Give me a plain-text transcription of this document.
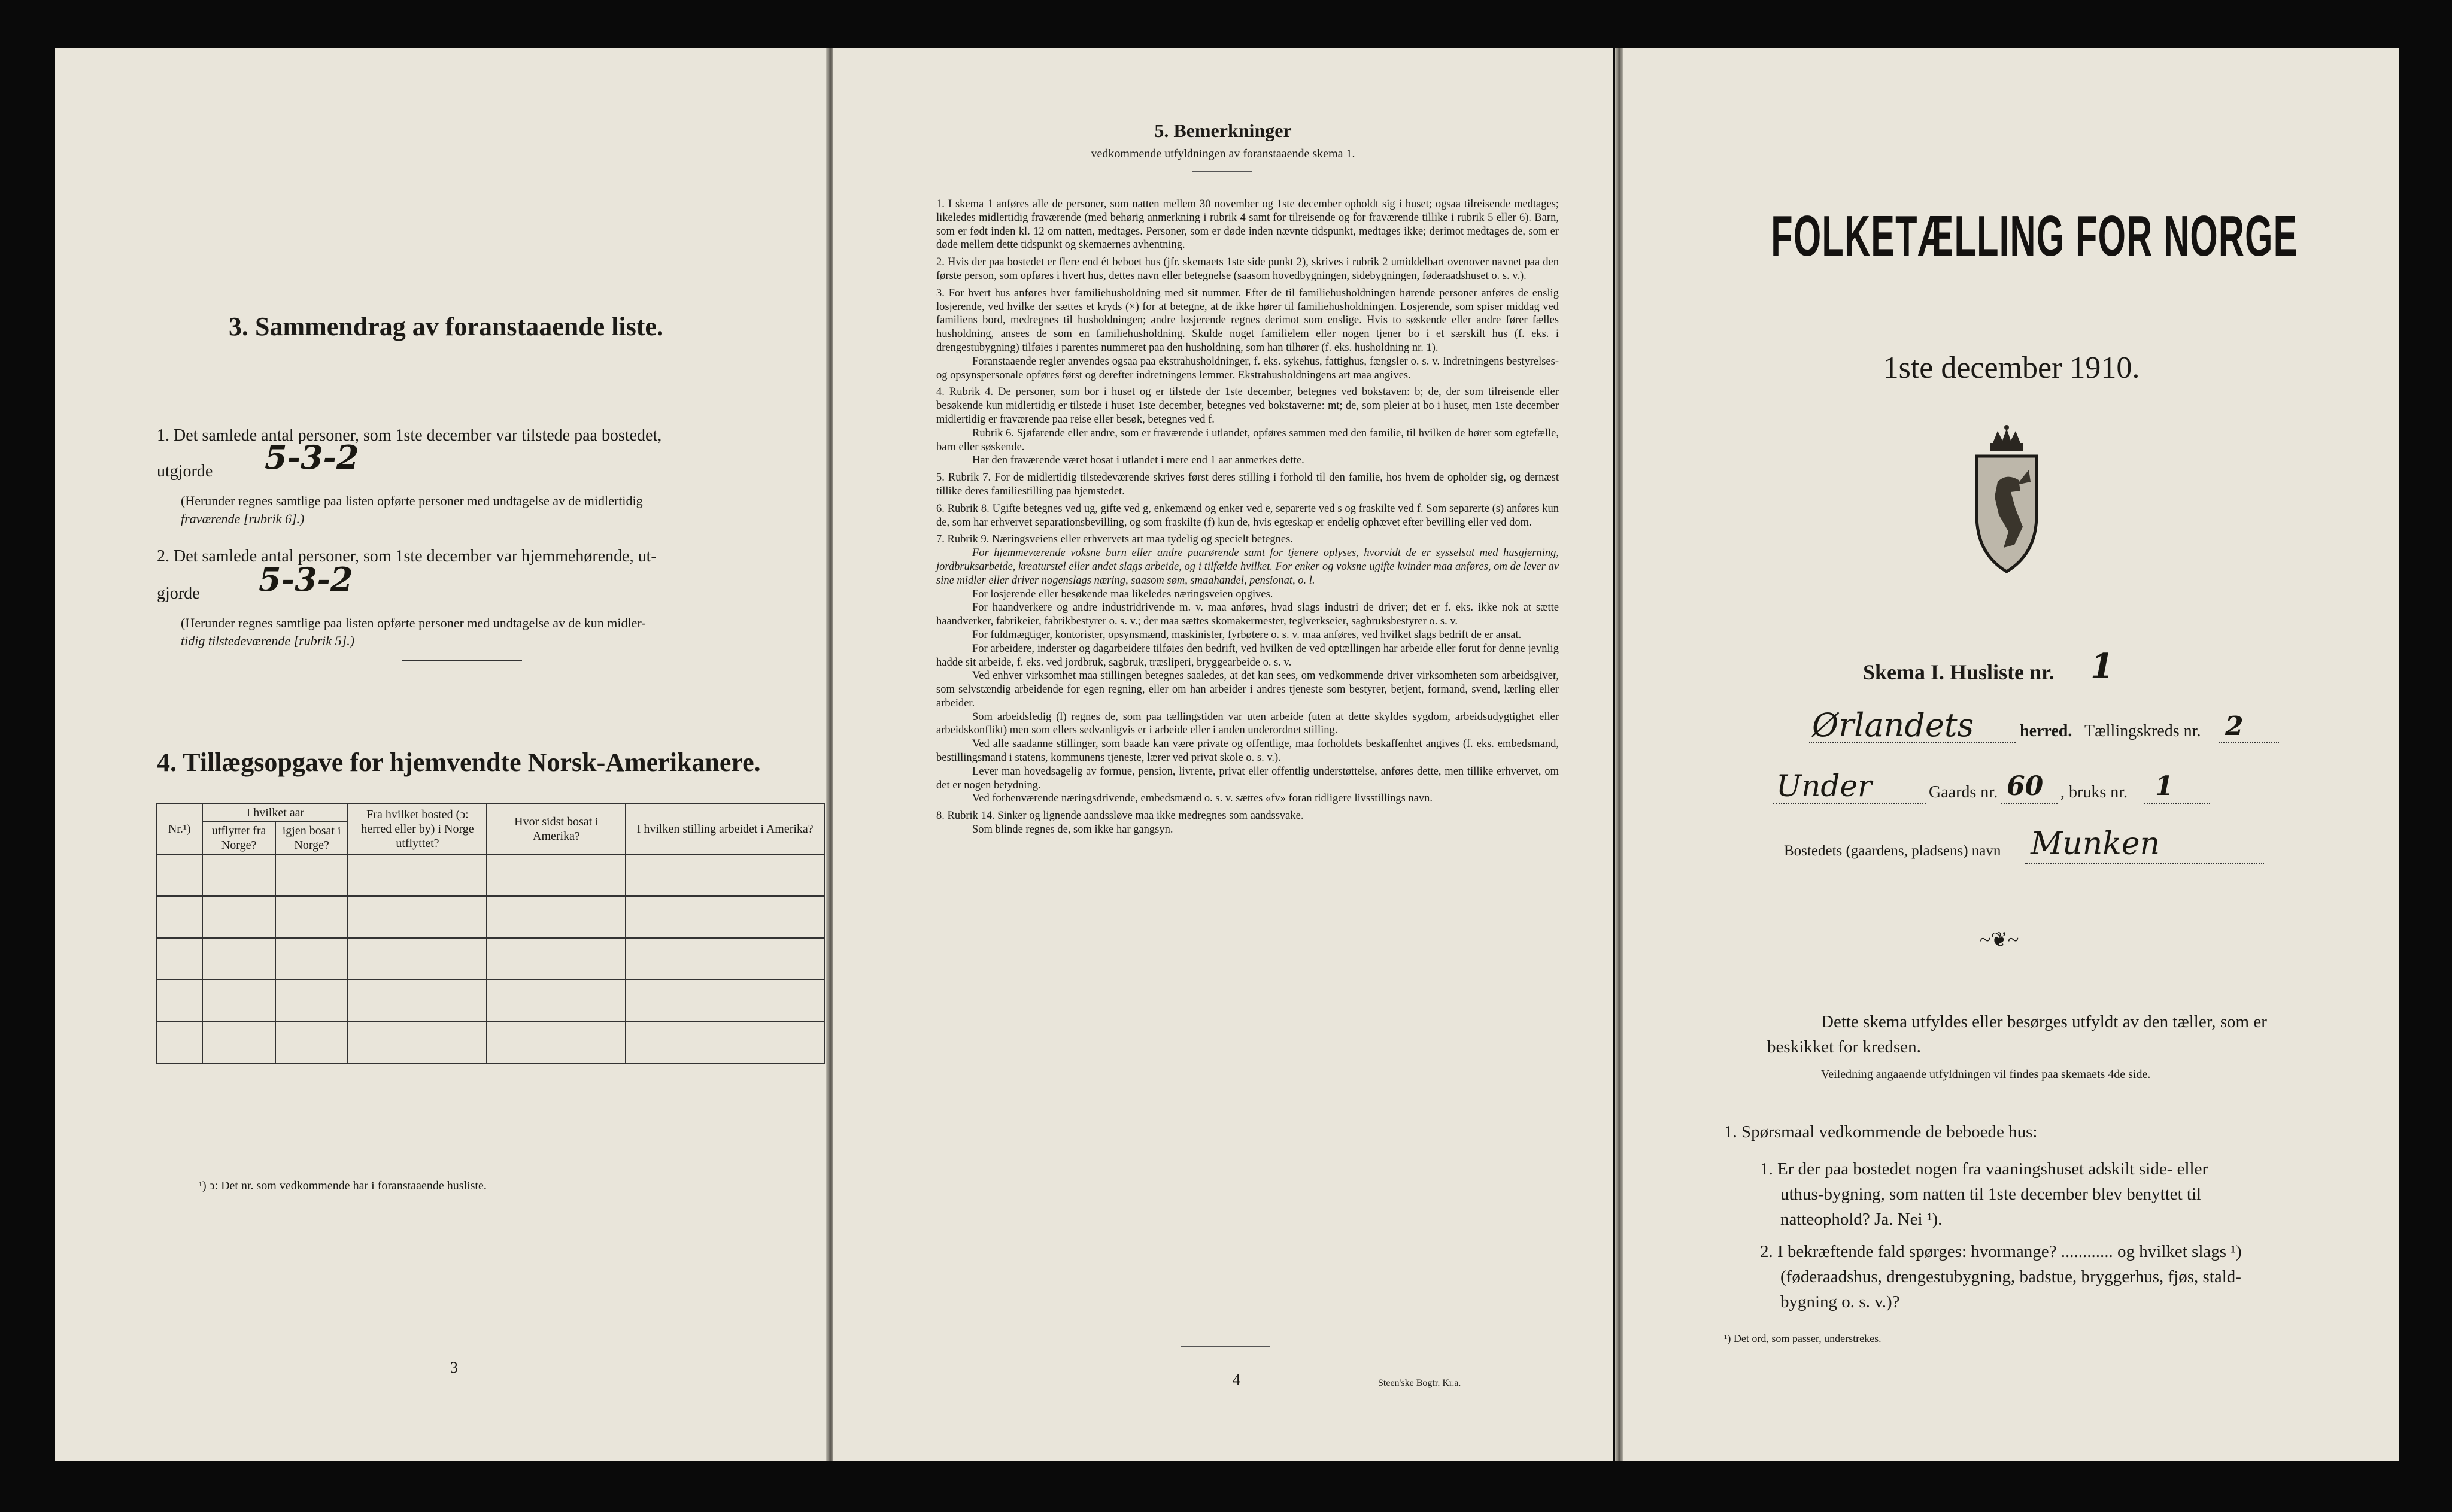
3. Sammendrag av foranstaaende liste.
1. Det samlede antal personer, som 1ste december var tilstede paa bostedet,
utgjorde 5-3-2
(Herunder regnes samtlige paa listen opførte personer med undtagelse av de midlertidig
fraværende [rubrik 6].)
2. Det samlede antal personer, som 1ste december var hjemmehørende, ut-
gjorde 5-3-2
(Herunder regnes samtlige paa listen opførte personer med undtagelse av de kun midler-
tidig tilstedeværende [rubrik 5].)
4. Tillægsopgave for hjemvendte Norsk-Amerikanere.
Nr.¹)	I hvilket aar		Fra hvilket bosted (ↄ: herred eller by) i Norge utflyttet?	Hvor sidst bosat i Amerika?	I hvilken stilling arbeidet i Amerika?
	utflyttet fra Norge?	igjen bosat i Norge?			

¹) ↄ: Det nr. som vedkommende har i foranstaaende husliste.
3
5. Bemerkninger
vedkommende utfyldningen av foranstaaende skema 1.

1. I skema 1 anføres alle de personer, som natten mellem 30 november og 1ste december opholdt sig i huset; ogsaa tilreisende medtages; likeledes midlertidig fraværende (med behørig anmerkning i rubrik 4 samt for tilreisende og for fraværende tillike i rubrik 5 eller 6). Barn, som er født inden kl. 12 om natten, medtages. Personer, som er døde inden nævnte tidspunkt, medtages ikke; derimot medtages de, som er døde mellem dette tidspunkt og skemaernes avhentning.

2. Hvis der paa bostedet er flere end ét beboet hus (jfr. skemaets 1ste side punkt 2), skrives i rubrik 2 umiddelbart ovenover navnet paa den første person, som opføres i hvert hus, dettes navn eller betegnelse (saasom hovedbygningen, sidebygningen, føderaadshuset o. s. v.).

3. For hvert hus anføres hver familiehusholdning med sit nummer. Efter de til familiehusholdningen hørende personer anføres de enslig losjerende, ved hvilke der sættes et kryds (×) for at betegne, at de ikke hører til familiehusholdningen. Losjerende, som spiser middag ved familiens bord, medregnes til husholdningen; andre losjerende regnes derimot som enslige. Hvis to søskende eller andre fører fælles husholdning, ansees de som en familiehusholdning. Skulde noget familielem eller nogen tjener bo i et særskilt hus (f. eks. i drengestubygning) tilføies i parentes nummeret paa den husholdning, som han tilhører (f. eks. husholdning nr. 1).

Foranstaaende regler anvendes ogsaa paa ekstrahusholdninger, f. eks. sykehus, fattighus, fængsler o. s. v. Indretningens bestyrelses- og opsynspersonale opføres først og derefter indretningens lemmer. Ekstrahusholdningens art maa angives.

4. Rubrik 4. De personer, som bor i huset og er tilstede der 1ste december, betegnes ved bokstaven: b; de, der som tilreisende eller besøkende kun midlertidig er tilstede i huset 1ste december, betegnes ved bokstaverne: mt; de, som pleier at bo i huset, men 1ste december midlertidig er fraværende paa reise eller besøk, betegnes ved f.

Rubrik 6. Sjøfarende eller andre, som er fraværende i utlandet, opføres sammen med den familie, til hvilken de hører som egtefælle, barn eller søskende.

Har den fraværende været bosat i utlandet i mere end 1 aar anmerkes dette.

5. Rubrik 7. For de midlertidig tilstedeværende skrives først deres stilling i forhold til den familie, hos hvem de opholder sig, og dernæst tillike deres familiestilling paa hjemstedet.

6. Rubrik 8. Ugifte betegnes ved ug, gifte ved g, enkemænd og enker ved e, separerte ved s og fraskilte ved f. Som separerte (s) anføres kun de, som har erhvervet separationsbevilling, og som fraskilte (f) kun de, hvis egteskap er endelig ophævet efter bevilling eller ved dom.

7. Rubrik 9. Næringsveiens eller erhvervets art maa tydelig og specielt betegnes.

For hjemmeværende voksne barn eller andre paarørende samt for tjenere oplyses, hvorvidt de er sysselsat med husgjerning, jordbruksarbeide, kreaturstel eller andet slags arbeide, og i tilfælde hvilket. For enker og voksne ugifte kvinder maa anføres, om de lever av sine midler eller driver nogenslags næring, saasom søm, smaahandel, pensionat, o. l.

For losjerende eller besøkende maa likeledes næringsveien opgives.

For haandverkere og andre industridrivende m. v. maa anføres, hvad slags industri de driver; det er f. eks. ikke nok at sætte haandverker, fabrikeier, fabrikbestyrer o. s. v.; der maa sættes skomakermester, teglverkseier, sagbruksbestyrer o. s. v.

For fuldmægtiger, kontorister, opsynsmænd, maskinister, fyrbøtere o. s. v. maa anføres, ved hvilket slags bedrift de er ansat.

For arbeidere, inderster og dagarbeidere tilføies den bedrift, ved hvilken de ved optællingen har arbeide eller forut for denne jevnlig hadde sit arbeide, f. eks. ved jordbruk, sagbruk, træsliperi, bryggearbeide o. s. v.

Ved enhver virksomhet maa stillingen betegnes saaledes, at det kan sees, om vedkommende driver virksomheten som arbeidsgiver, som selvstændig arbeidende for egen regning, eller om han arbeider i andres tjeneste som bestyrer, betjent, formand, svend, lærling eller arbeider.

Som arbeidsledig (l) regnes de, som paa tællingstiden var uten arbeide (uten at dette skyldes sygdom, arbeidsudygtighet eller arbeidskonflikt) men som ellers sedvanligvis er i arbeide eller i anden underordnet stilling.

Ved alle saadanne stillinger, som baade kan være private og offentlige, maa forholdets beskaffenhet angives (f. eks. embedsmand, bestillingsmand i statens, kommunens tjeneste, lærer ved privat skole o. s. v.).

Lever man hovedsagelig av formue, pension, livrente, privat eller offentlig understøttelse, anføres dette, men tillike erhvervet, om det er nogen betydning.

Ved forhenværende næringsdrivende, embedsmænd o. s. v. sættes «fv» foran tidligere livsstillings navn.

8. Rubrik 14. Sinker og lignende aandssløve maa ikke medregnes som aandssvake.

Som blinde regnes de, som ikke har gangsyn.

4	Steen'ske Bogtr. Kr.a.
FOLKETÆLLING FOR NORGE
1ste december 1910.
Skema I. Husliste nr. 1
Ørlandets	herred. Tællingskreds nr. 2
Under	Gaards nr. 60 , bruks nr. 1
Bostedets (gaardens, pladsens) navn Munken
~❦~
Dette skema utfyldes eller besørges utfyldt av den tæller, som er
beskikket for kredsen.
Veiledning angaaende utfyldningen vil findes paa skemaets 4de side.
1. Spørsmaal vedkommende de beboede hus:
1. Er der paa bostedet nogen fra vaaningshuset adskilt side- eller
uthus-bygning, som natten til 1ste december blev benyttet til
natteophold? Ja. Nei ¹).
2. I bekræftende fald spørges: hvormange? ............ og hvilket slags ¹)
(føderaadshus, drengestubygning, badstue, bryggerhus, fjøs, stald-
bygning o. s. v.)?
¹) Det ord, som passer, understrekes.
